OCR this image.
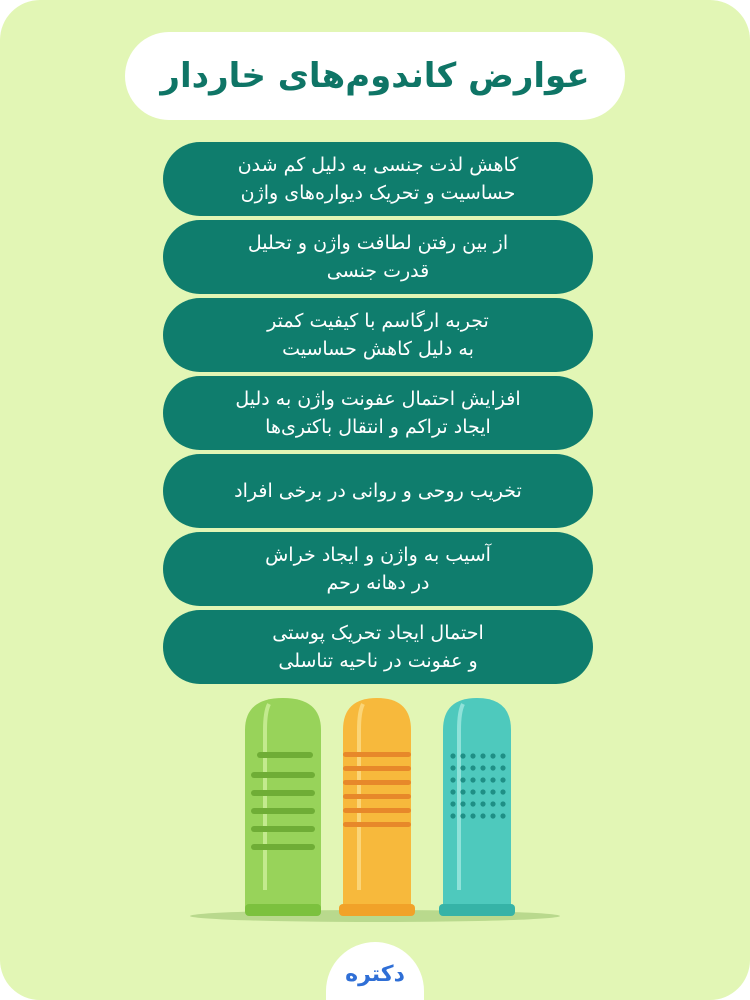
عوارض کاندوم‌های خاردار
کاهش لذت جنسی به دلیل کم شدن
حساسیت و تحریک دیواره‌های واژن
از بین رفتن لطافت واژن و تحلیل
قدرت جنسی
تجربه ارگاسم با کیفیت کمتر
به دلیل کاهش حساسیت
افزایش احتمال عفونت واژن به دلیل
ایجاد تراکم و انتقال باکتری‌ها
تخریب روحی و روانی در برخی افراد
آسیب به واژن و ایجاد خراش
در دهانه رحم
احتمال ایجاد تحریک پوستی
و عفونت در ناحیه تناسلی
دکتره
